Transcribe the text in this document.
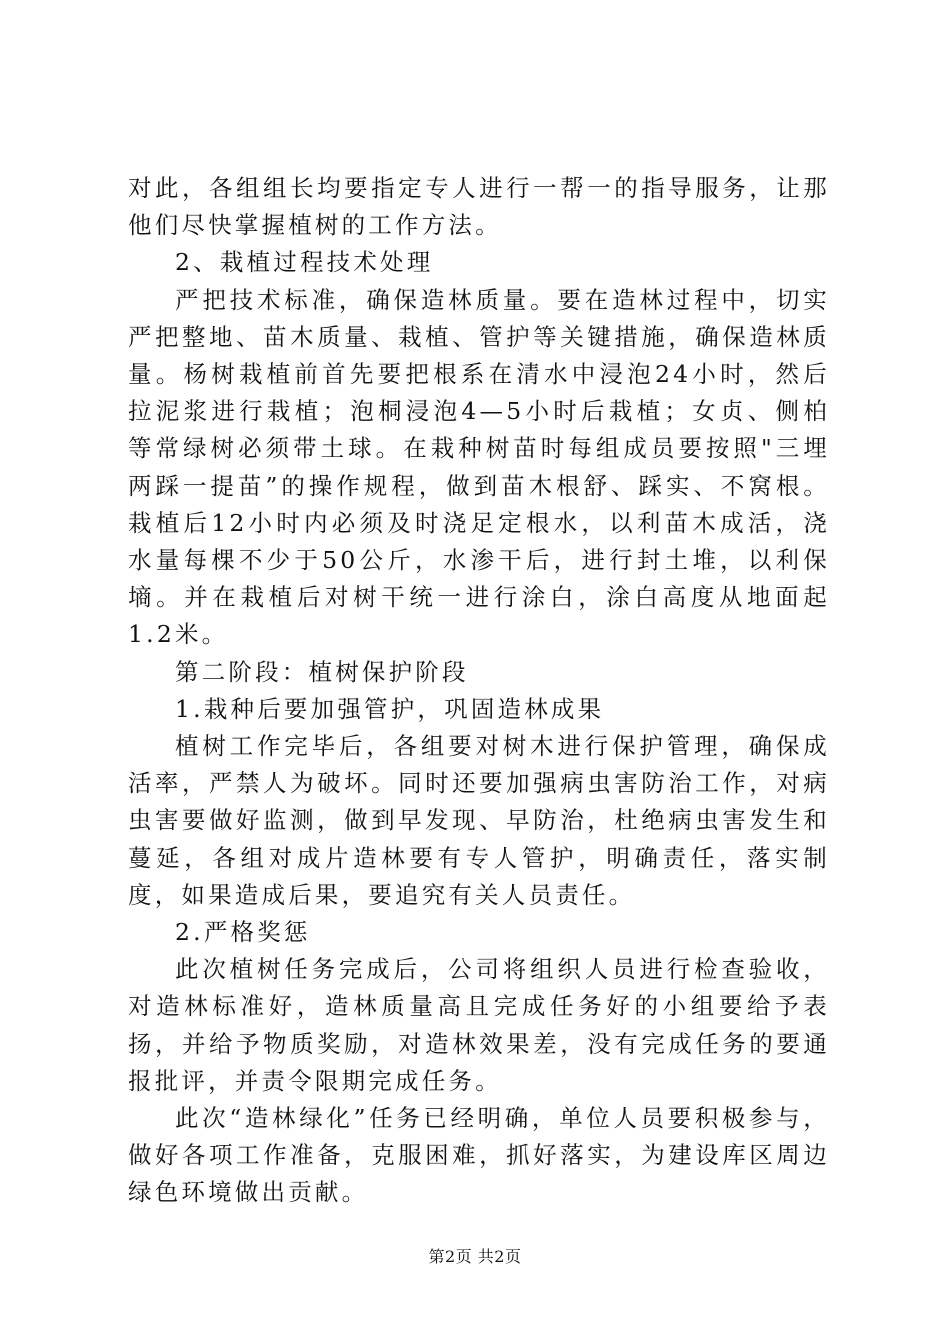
对此，各组组长均要指定专人进行一帮一的指导服务，让那他们尽快掌握植树的工作方法。

2、栽植过程技术处理

严把技术标准，确保造林质量。要在造林过程中，切实严把整地、苗木质量、栽植、管护等关键措施，确保造林质量。杨树栽植前首先要把根系在清水中浸泡24小时，然后拉泥浆进行栽植；泡桐浸泡4—5小时后栽植；女贞、侧柏等常绿树必须带土球。在栽种树苗时每组成员要按照"三埋两踩一提苗”的操作规程，做到苗木根舒、踩实、不窝根。栽植后12小时内必须及时浇足定根水，以利苗木成活，浇水量每棵不少于50公斤，水渗干后，进行封土堆，以利保墒。并在栽植后对树干统一进行涂白，涂白高度从地面起1.2米。

第二阶段：植树保护阶段

1.栽种后要加强管护，巩固造林成果

植树工作完毕后，各组要对树木进行保护管理，确保成活率，严禁人为破坏。同时还要加强病虫害防治工作，对病虫害要做好监测，做到早发现、早防治，杜绝病虫害发生和蔓延，各组对成片造林要有专人管护，明确责任，落实制度，如果造成后果，要追究有关人员责任。

2.严格奖惩

此次植树任务完成后，公司将组织人员进行检查验收，对造林标准好，造林质量高且完成任务好的小组要给予表扬，并给予物质奖励，对造林效果差，没有完成任务的要通报批评，并责令限期完成任务。

此次“造林绿化”任务已经明确，单位人员要积极参与，做好各项工作准备，克服困难，抓好落实，为建设库区周边绿色环境做出贡献。

第2页 共2页
